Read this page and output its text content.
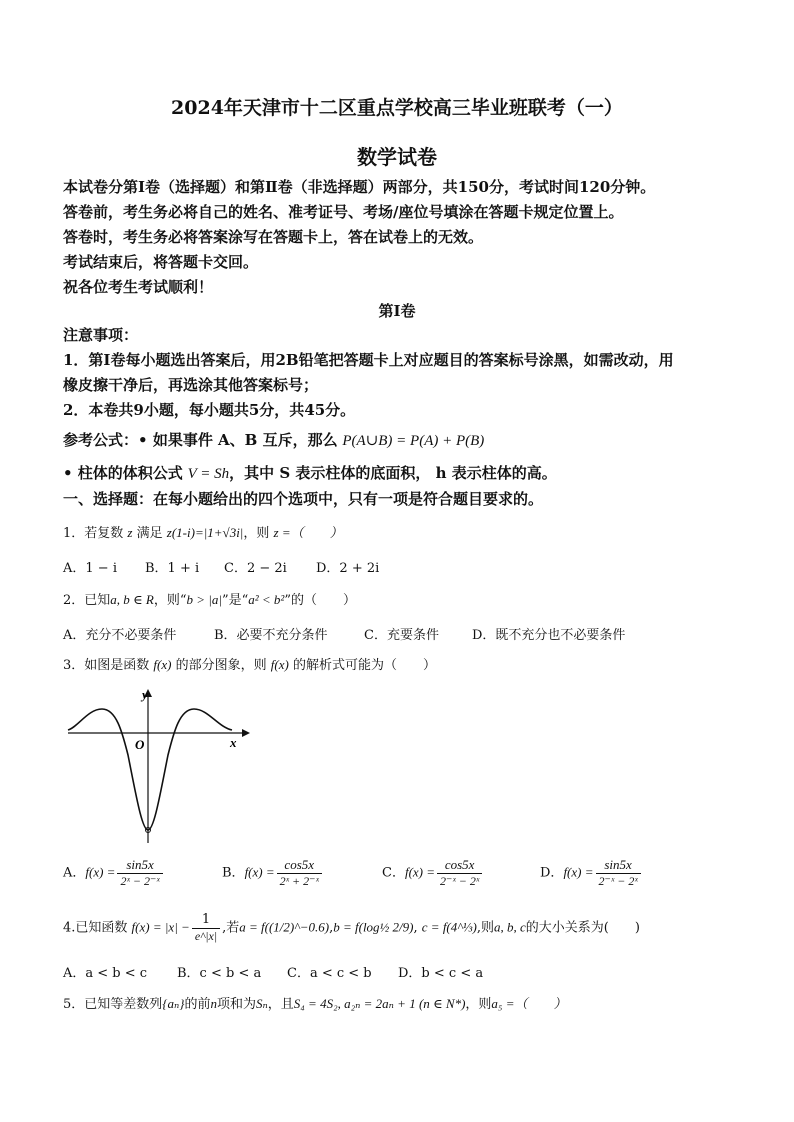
2024年天津市十二区重点学校高三毕业班联考（一）
数学试卷
本试卷分第Ⅰ卷（选择题）和第Ⅱ卷（非选择题）两部分，共150分，考试时间120分钟。
答卷前，考生务必将自己的姓名、准考证号、考场/座位号填涂在答题卡规定位置上。
答卷时，考生务必将答案涂写在答题卡上，答在试卷上的无效。
考试结束后，将答题卡交回。
祝各位考生考试顺利！
第Ⅰ卷
注意事项：
1．第Ⅰ卷每小题选出答案后，用2B铅笔把答题卡上对应题目的答案标号涂黑，如需改动，用
橡皮擦干净后，再选涂其他答案标号；
2．本卷共9小题，每小题共5分，共45分。
参考公式：• 如果事件 A、B 互斥，那么 P(A∪B) = P(A) + P(B)
• 柱体的体积公式 V = Sh，其中 S 表示柱体的底面积， h 表示柱体的高。
一、选择题：在每小题给出的四个选项中，只有一项是符合题目要求的。
1．若复数 z 满足 z(1-i)=|1+√3i|，则 z =（　　）
A．1 − i B．1 + i C．2 − 2i D．2 + 2i
2．已知a, b ∈ R，则“b > |a|”是“a² < b²”的（　　）
A．充分不必要条件	B．必要不充分条件	C．充要条件	D．既不充分也不必要条件
3．如图是函数 f(x) 的部分图象，则 f(x) 的解析式可能为（　　）
y
x
O
A．$f(x) = \frac{\sin 5x}{\text{2ˣ − 2⁻ˣ}}$	B．$f(x) = \frac{\cos 5x}{\text{2ˣ + 2⁻ˣ}}$	C．$f(x) = \frac{\cos 5x}{\text{2⁻ˣ − 2ˣ}}$	D．$f(x) = \frac{\sin 5x}{\text{2⁻ˣ − 2ˣ}}$
4.已知函数 $f(x) = |x| - \frac{1}{e\^{}|x|}$ ,若a = f((1/2)^−0.6),b = f(log½ 2/9), c = f(4^⅓),则a, b, c的大小关系为(　　)
A．a < b < c B．c < b < a C．a < c < b D．b < c < a
5．已知等差数列{aₙ}的前n项和为Sₙ，且S₄ = 4S₂, a₂ₙ = 2aₙ + 1 (n ∈ N*)，则a₅ =（　　）
